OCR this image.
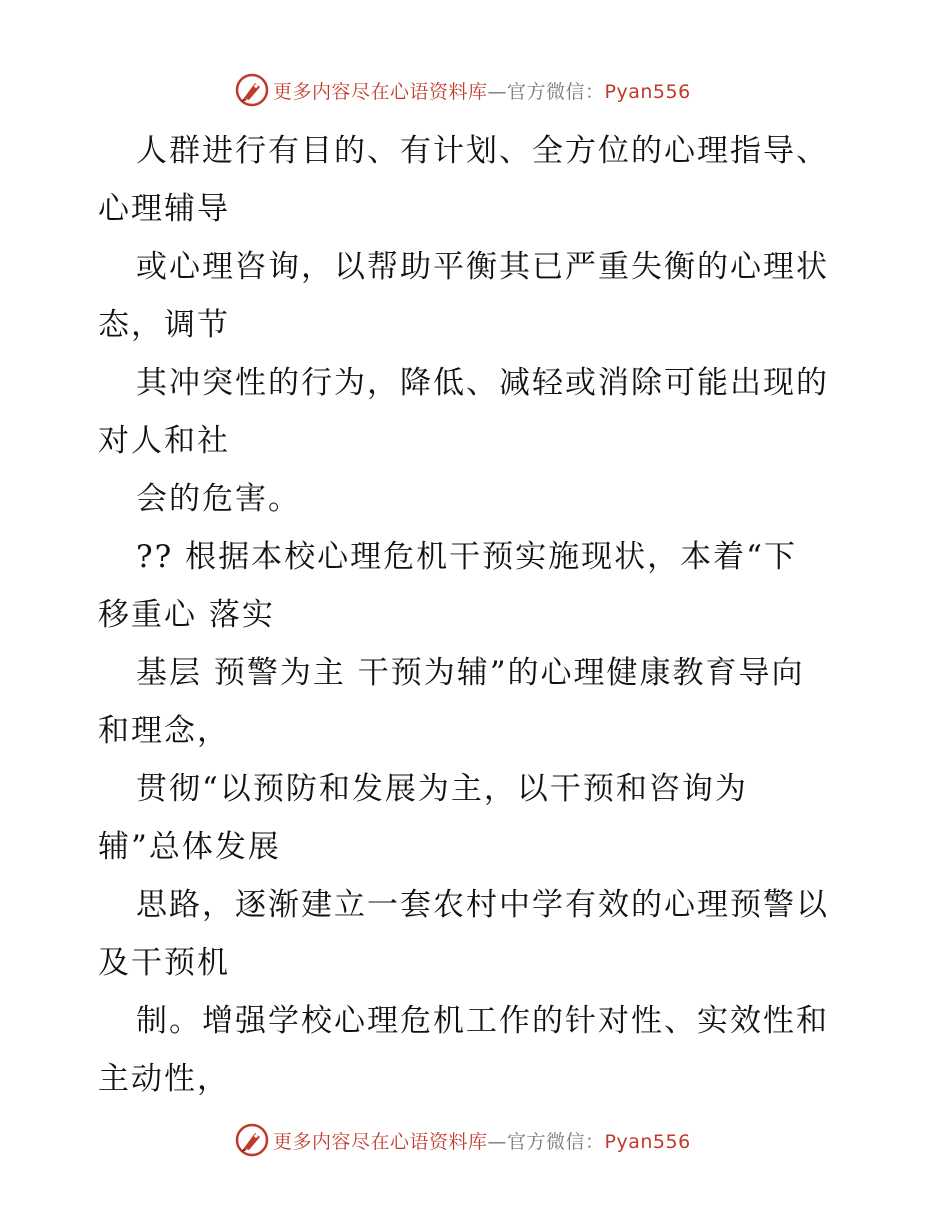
更多内容尽在心语资料库—官方微信：Pyan556
人群进行有目的、有计划、全方位的心理指导、
心理辅导
或心理咨询，以帮助平衡其已严重失衡的心理状
态，调节
其冲突性的行为，降低、减轻或消除可能出现的
对人和社
会的危害。
?? 根据本校心理危机干预实施现状，本着“下
移重心 落实
基层 预警为主 干预为辅”的心理健康教育导向
和理念，
贯彻“以预防和发展为主，以干预和咨询为
辅”总体发展
思路，逐渐建立一套农村中学有效的心理预警以
及干预机
制。增强学校心理危机工作的针对性、实效性和
主动性，
更多内容尽在心语资料库—官方微信：Pyan556
